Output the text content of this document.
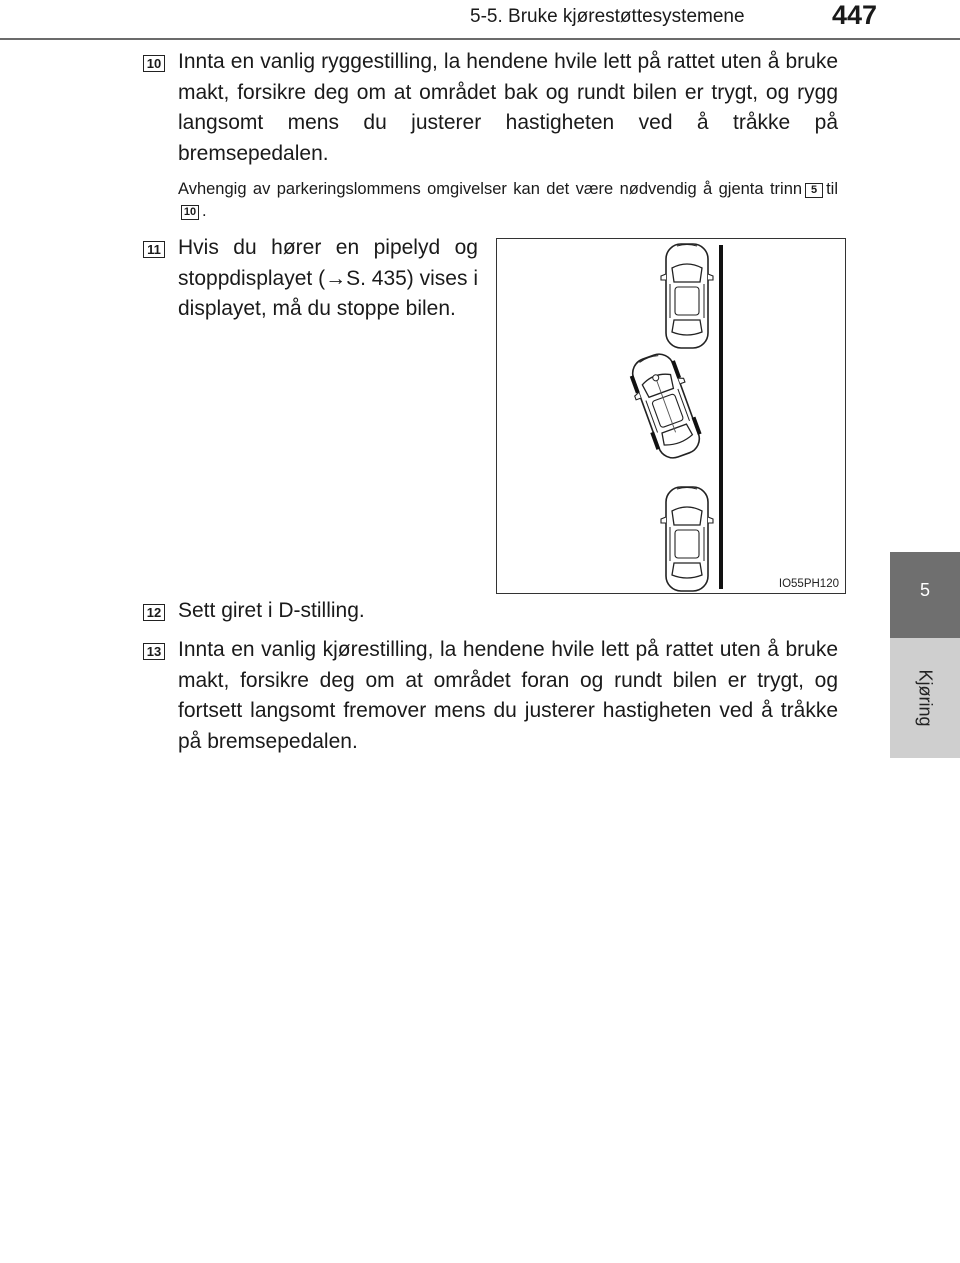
5-5. Bruke kjørestøttesystemene	447
5
Kjøring
10 Innta en vanlig ryggestilling, la hendene hvile lett på rattet uten å bruke makt, forsikre deg om at området bak og rundt bilen er trygt, og rygg langsomt mens du justerer hastigheten ved å tråkke på bremsepedalen.

Avhengig av parkeringslommens omgivelser kan det være nødvendig å gjenta trinn 5 til10 .

11 Hvis du hører en pipelyd og stoppdisplayet (→S. 435) vises i displayet, må du stoppe bilen.

IO55PH120
12 Sett giret i D-stilling.

13 Innta en vanlig kjørestilling, la hendene hvile lett på rattet uten å bruke makt, forsikre deg om at området foran og rundt bilen er trygt, og fortsett langsomt fremover mens du justerer hastigheten ved å tråkke på bremsepedalen.
